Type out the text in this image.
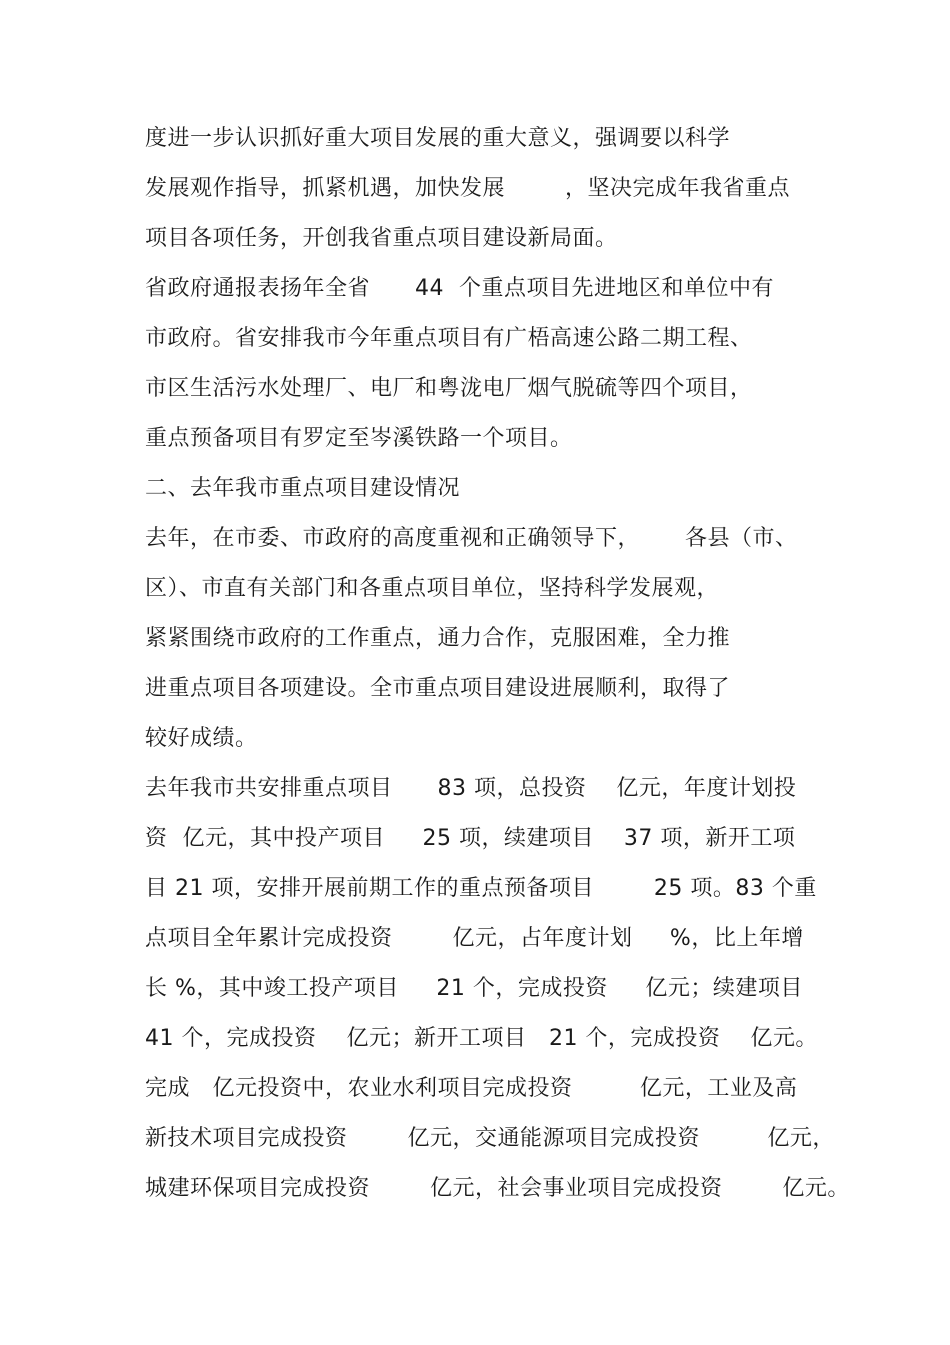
度进一步认识抓好重大项目发展的重大意义，强调要以科学
发展观作指导，抓紧机遇，加快发展        ，坚决完成年我省重点
项目各项任务，开创我省重点项目建设新局面。
省政府通报表扬年全省      44  个重点项目先进地区和单位中有
市政府。省安排我市今年重点项目有广梧高速公路二期工程、
市区生活污水处理厂、电厂和粤泷电厂烟气脱硫等四个项目，
重点预备项目有罗定至岑溪铁路一个项目。
二、去年我市重点项目建设情况
去年，在市委、市政府的高度重视和正确领导下，      各县（市、
区）、市直有关部门和各重点项目单位，坚持科学发展观，
紧紧围绕市政府的工作重点，通力合作，克服困难，全力推
进重点项目各项建设。全市重点项目建设进展顺利，取得了
较好成绩。
去年我市共安排重点项目      83 项，总投资    亿元，年度计划投
资  亿元，其中投产项目     25 项，续建项目    37 项，新开工项
目 21 项，安排开展前期工作的重点预备项目        25 项。83 个重
点项目全年累计完成投资        亿元，占年度计划     %，比上年增
长 %，其中竣工投产项目     21 个，完成投资     亿元；续建项目
41 个，完成投资    亿元；新开工项目   21 个，完成投资    亿元。
完成   亿元投资中，农业水利项目完成投资         亿元，工业及高
新技术项目完成投资        亿元，交通能源项目完成投资         亿元，
城建环保项目完成投资        亿元，社会事业项目完成投资        亿元。
